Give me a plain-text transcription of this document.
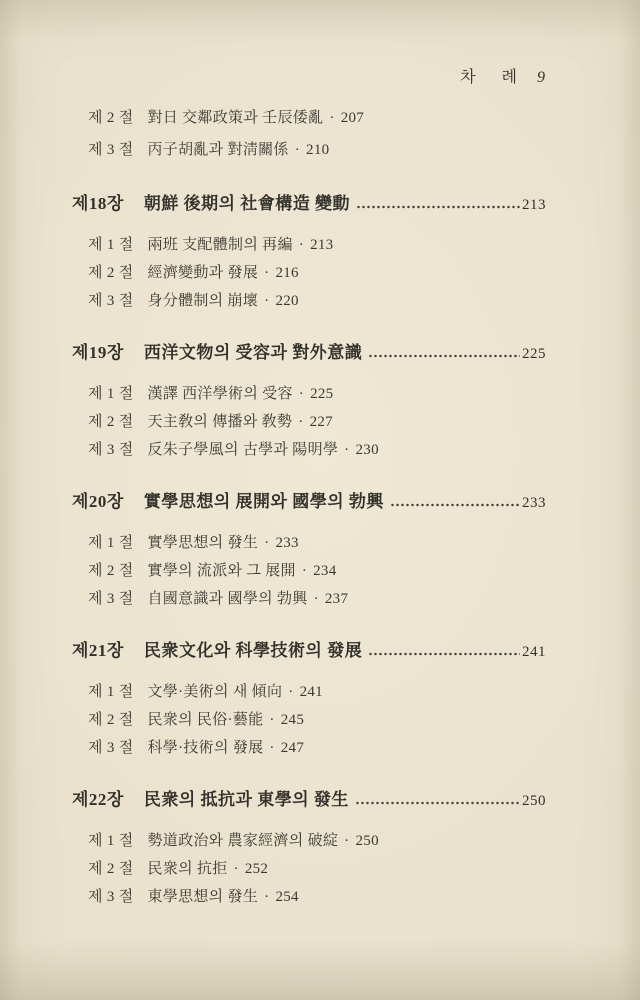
차 례 9
제 2 절 對日 交鄰政策과 壬辰倭亂 · 207
제 3 절 丙子胡亂과 對淸關係 · 210
제18장 朝鮮 後期의 社會構造 變動	213
제 1 절 兩班 支配體制의 再編 · 213
제 2 절 經濟變動과 發展 · 216
제 3 절 身分體制의 崩壞 · 220
제19장 西洋文物의 受容과 對外意識	225
제 1 절 漢譯 西洋學術의 受容 · 225
제 2 절 天主敎의 傳播와 敎勢 · 227
제 3 절 反朱子學風의 古學과 陽明學 · 230
제20장 實學思想의 展開와 國學의 勃興	233
제 1 절 實學思想의 發生 · 233
제 2 절 實學의 流派와 그 展開 · 234
제 3 절 自國意識과 國學의 勃興 · 237
제21장 民衆文化와 科學技術의 發展	241
제 1 절 文學·美術의 새 傾向 · 241
제 2 절 民衆의 民俗·藝能 · 245
제 3 절 科學·技術의 發展 · 247
제22장 民衆의 抵抗과 東學의 發生	250
제 1 절 勢道政治와 農家經濟의 破綻 · 250
제 2 절 民衆의 抗拒 · 252
제 3 절 東學思想의 發生 · 254
